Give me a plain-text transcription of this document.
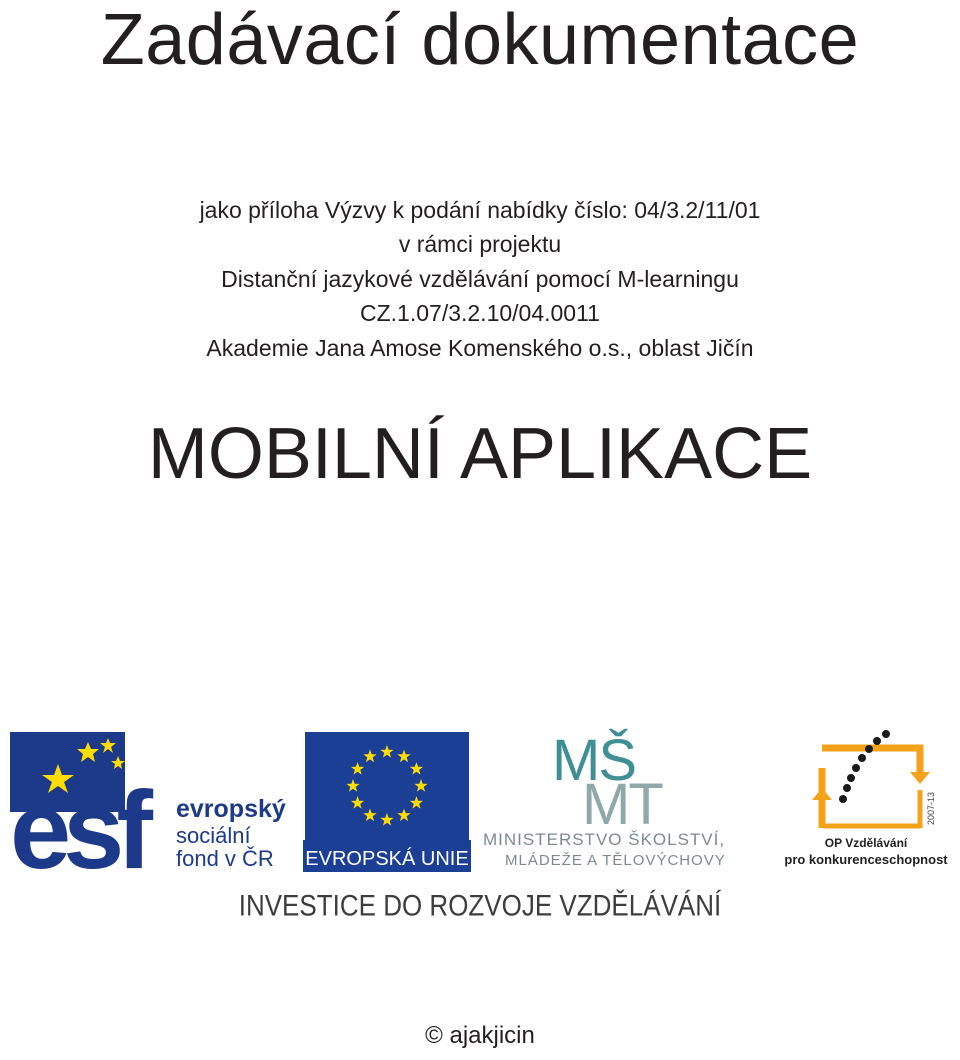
Zadávací dokumentace
jako příloha Výzvy k podání nabídky číslo: 04/3.2/11/01
v rámci projektu
Distanční jazykové vzdělávání pomocí M-learningu
CZ.1.07/3.2.10/04.0011
Akademie Jana Amose Komenského o.s., oblast Jičín
MOBILNÍ APLIKACE
esf	evropský
sociální
fond v ČR EVROPSKÁ UNIE
MŠ
MT
MINISTERSTVO ŠKOLSTVÍ,
MLÁDEŽE A TĚLOVÝCHOVY
2007-13
OP Vzdělávání
pro konkurenceschopnost
INVESTICE DO ROZVOJE VZDĚLÁVÁNÍ
© ajakjicin
